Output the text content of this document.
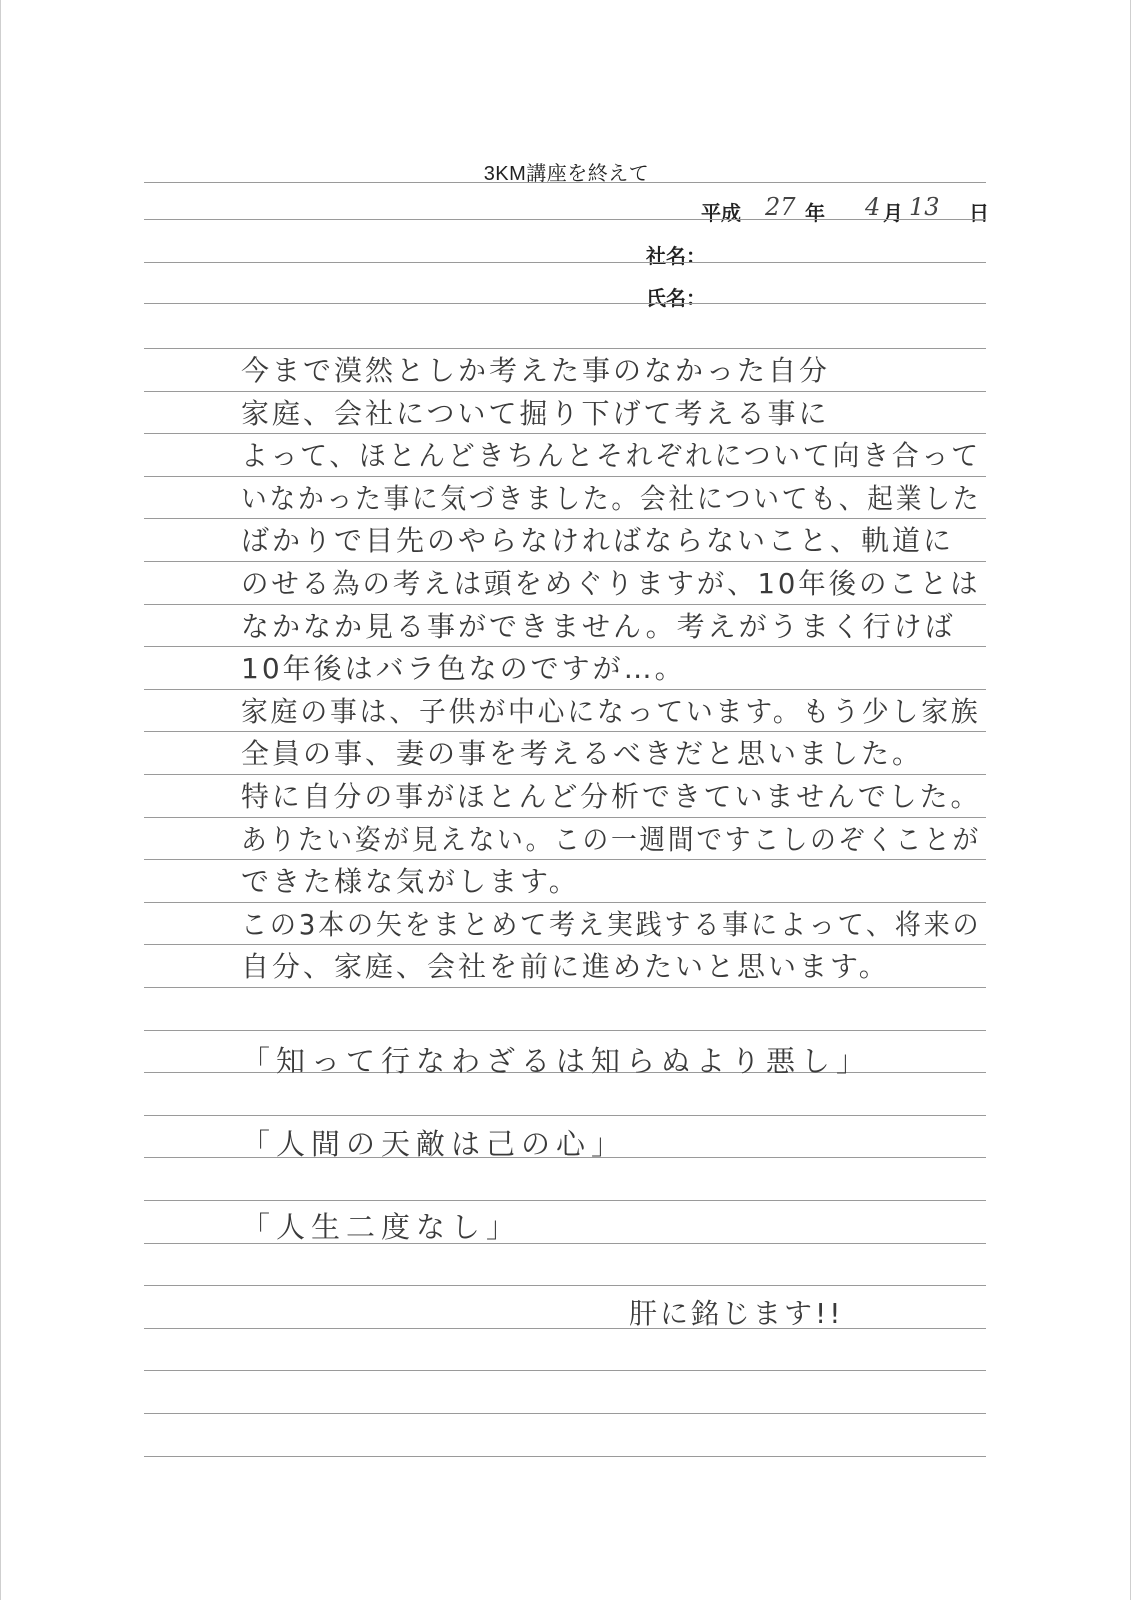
3KM講座を終えて
平成 27 年 4 月 13 日
社名：
氏名：
今まで漠然としか考えた事のなかった自分
家庭、会社について掘り下げて考える事に
よって、ほとんどきちんとそれぞれについて向き合って
いなかった事に気づきました。会社についても、起業した
ばかりで目先のやらなければならないこと、軌道に
のせる為の考えは頭をめぐりますが、10年後のことは
なかなか見る事ができません。考えがうまく行けば
10年後はバラ色なのですが…。
家庭の事は、子供が中心になっています。もう少し家族
全員の事、妻の事を考えるべきだと思いました。
特に自分の事がほとんど分析できていませんでした。
ありたい姿が見えない。この一週間ですこしのぞくことが
できた様な気がします。
この3本の矢をまとめて考え実践する事によって、将来の
自分、家庭、会社を前に進めたいと思います。
「知って行なわざるは知らぬより悪し」
「人間の天敵は己の心」
「人生二度なし」
肝に銘じます!!
